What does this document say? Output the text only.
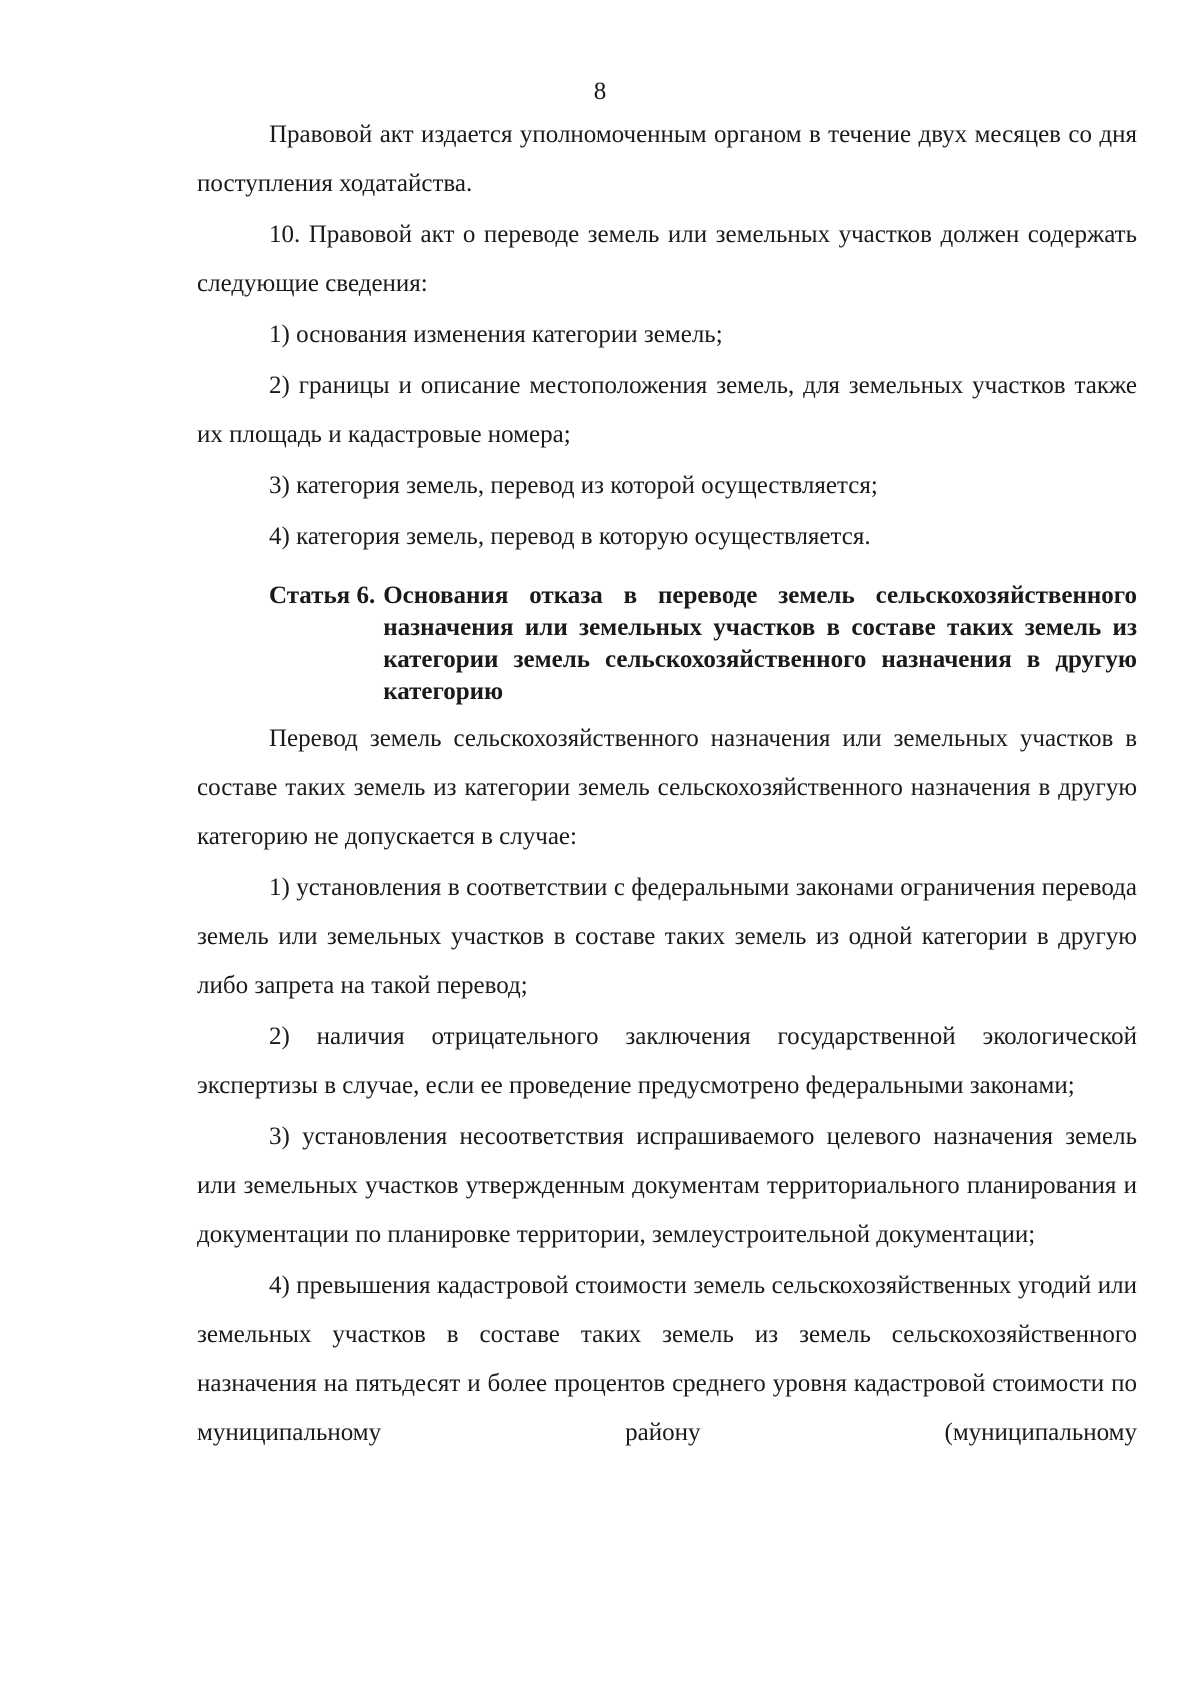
8

Правовой акт издается уполномоченным органом в течение двух месяцев со дня поступления ходатайства.

10. Правовой акт о переводе земель или земельных участков должен содержать следующие сведения:

1) основания изменения категории земель;

2) границы и описание местоположения земель, для земельных участков также их площадь и кадастровые номера;

3) категория земель, перевод из которой осуществляется;

4) категория земель, перевод в которую осуществляется.

Статья 6. Основания отказа в переводе земель сельскохозяйственного назначения или земельных участков в составе таких земель из категории земель сельскохозяйственного назначения в другую категорию

Перевод земель сельскохозяйственного назначения или земельных участков в составе таких земель из категории земель сельскохозяйственного назначения в другую категорию не допускается в случае:

1) установления в соответствии с федеральными законами ограничения перевода земель или земельных участков в составе таких земель из одной категории в другую либо запрета на такой перевод;

2) наличия отрицательного заключения государственной экологической экспертизы в случае, если ее проведение предусмотрено федеральными законами;

3) установления несоответствия испрашиваемого целевого назначения земель или земельных участков утвержденным документам территориального планирования и документации по планировке территории, землеустроительной документации;

4) превышения кадастровой стоимости земель сельскохозяйственных угодий или земельных участков в составе таких земель из земель сельскохозяйственного назначения на пятьдесят и более процентов среднего уровня кадастровой стоимости по муниципальному району (муниципальному
